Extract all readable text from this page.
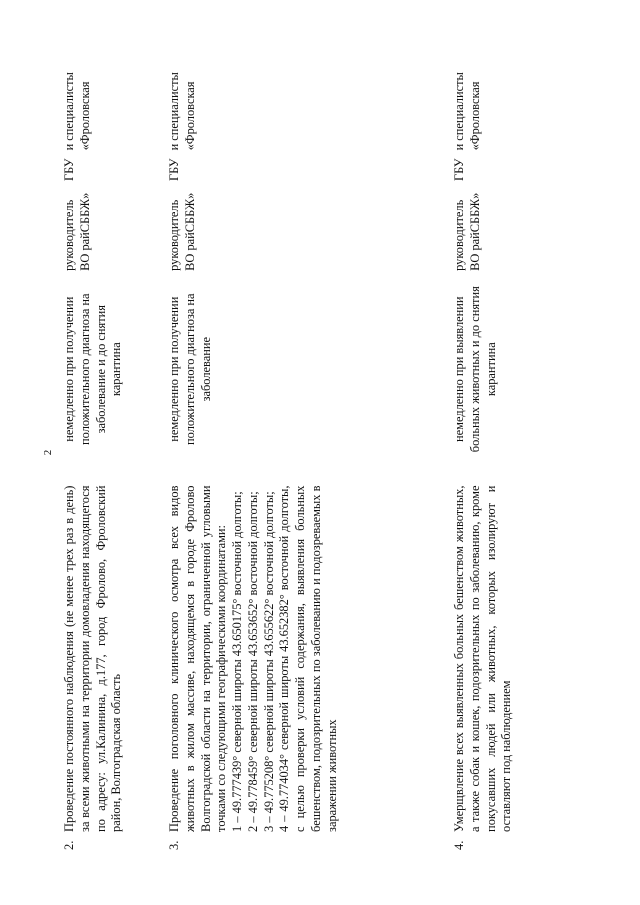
2
2.	Проведение постоянного наблюдения (не менее трех раз в день) за всеми животными на территории домовладения находящегося по адресу: ул.Калинина, д.177, город Фролово, Фроловский район, Волгоградская область	немедленно при получении положительного диагноза на заболевание и до снятия карантина	руководитель ГБУ ВО райСББЖ»	и специалисты «Фроловская
3.	Проведение поголовного клинического осмотра всех видов животных в жилом массиве, находящемся в городе Фролово Волгоградской области на территории, ограниченной угловыми точками со следующими географическими координатами:
1 – 49.777439° северной широты 43.650175° восточной долготы;
2 – 49.778459° северной широты 43.653652° восточной долготы;
3 – 49.775208° северной широты 43.655622° восточной долготы;
4 – 49.774034° северной широты 43.652382° восточной долготы, с целью проверки условий содержания, выявления больных бешенством, подозрительных по заболеванию и подозреваемых в заражении животных	немедленно при получении положительного диагноза на заболевание	руководитель ГБУ ВО райСББЖ»	и специалисты «Фроловская
4.	Умерщвление всех выявленных больных бешенством животных, а также собак и кошек, подозрительных по заболеванию, кроме покусавших людей или животных, которых изолируют и оставляют под наблюдением	немедленно при выявлении больных животных и до снятия карантина	руководитель ГБУ ВО райСББЖ»	и специалисты «Фроловская
